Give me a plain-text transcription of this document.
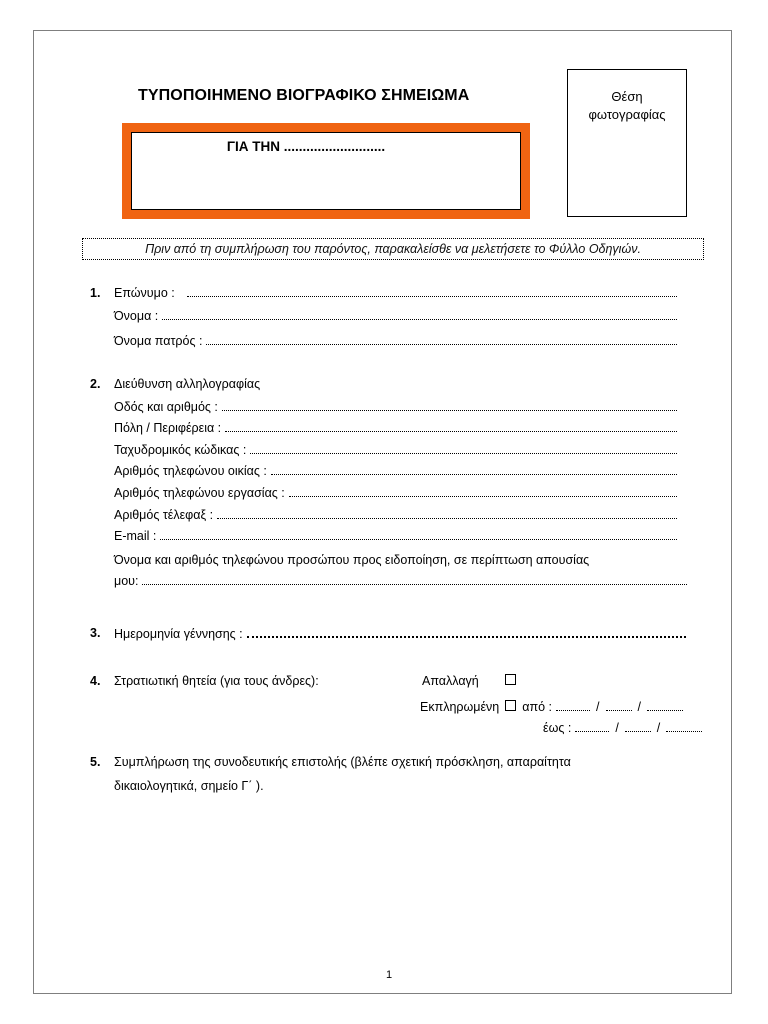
ΤΥΠΟΠΟΙΗΜΕΝΟ ΒΙΟΓΡΑΦΙΚΟ ΣΗΜΕΙΩΜΑ
ΓΙΑ ΤΗΝ ...........................
Θέση
φωτογραφίας
Πριν από τη συμπλήρωση του παρόντος, παρακαλείσθε να μελετήσετε το Φύλλο Οδηγιών.
1. Επώνυμο :
Όνομα :
Όνομα πατρός :
2. Διεύθυνση αλληλογραφίας
Οδός και αριθμός :
Πόλη / Περιφέρεια :
Ταχυδρομικός κώδικας :
Αριθμός τηλεφώνου οικίας :
Αριθμός τηλεφώνου εργασίας :
Αριθμός τέλεφαξ :
E-mail :
Όνομα και αριθμός τηλεφώνου προσώπου προς ειδοποίηση, σε περίπτωση απουσίας
μου:
3. Ημερομηνία γέννησης :
4. Στρατιωτική θητεία (για τους άνδρες):	Απαλλαγή
Εκπληρωμένη από :	/	/
έως :	/	/
5. Συμπλήρωση της συνοδευτικής επιστολής (βλέπε σχετική πρόσκληση, απαραίτητα
δικαιολογητικά, σημείο Γ΄ ).
1
